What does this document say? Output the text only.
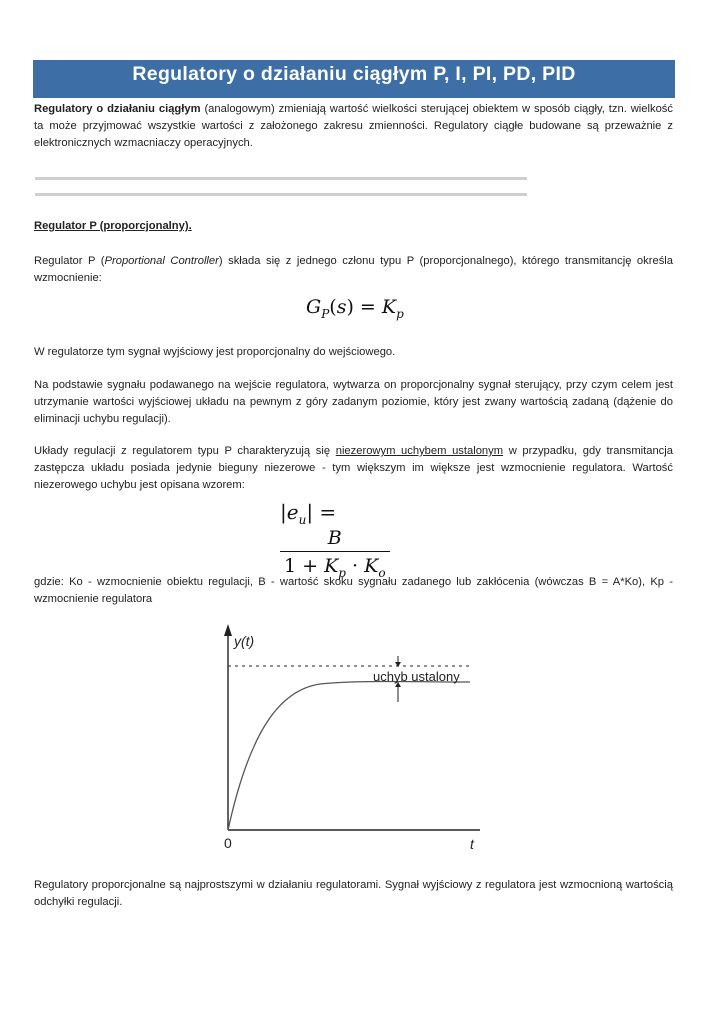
Regulatory o działaniu ciągłym P, I, PI, PD, PID

Regulatory o działaniu ciągłym (analogowym) zmieniają wartość wielkości sterującej obiektem w sposób ciągły, tzn. wielkość ta może przyjmować wszystkie wartości z założonego zakresu zmienności. Regulatory ciągłe budowane są przeważnie z elektronicznych wzmacniaczy operacyjnych.

Regulator P (proporcjonalny).

Regulator P (Proportional Controller) składa się z jednego członu typu P (proporcjonalnego), którego transmitancję określa wzmocnienie:

$G_P(s) = K_p$

W regulatorze tym sygnał wyjściowy jest proporcjonalny do wejściowego.

Na podstawie sygnału podawanego na wejście regulatora, wytwarza on proporcjonalny sygnał sterujący, przy czym celem jest utrzymanie wartości wyjściowej układu na pewnym z góry zadanym poziomie, który jest zwany wartością zadaną (dążenie do eliminacji uchybu regulacji).

Układy regulacji z regulatorem typu P charakteryzują się niezerowym uchybem ustalonym w przypadku, gdy transmitancja zastępcza układu posiada jedynie bieguny niezerowe - tym większym im większe jest wzmocnienie regulatora. Wartość niezerowego uchybu jest opisana wzorem:

$|e_u|$ =
$\frac{B}{1 + K_p \cdot K_o}$

gdzie: Ko - wzmocnienie obiektu regulacji, B - wartość skoku sygnału zadanego lub zakłócenia (wówczas B = A*Ko), Kp - wzmocnienie regulatora

y(t)
t
0
uchyb ustalony

Regulatory proporcjonalne są najprostszymi w działaniu regulatorami. Sygnał wyjściowy z regulatora jest wzmocnioną wartością odchyłki regulacji.
